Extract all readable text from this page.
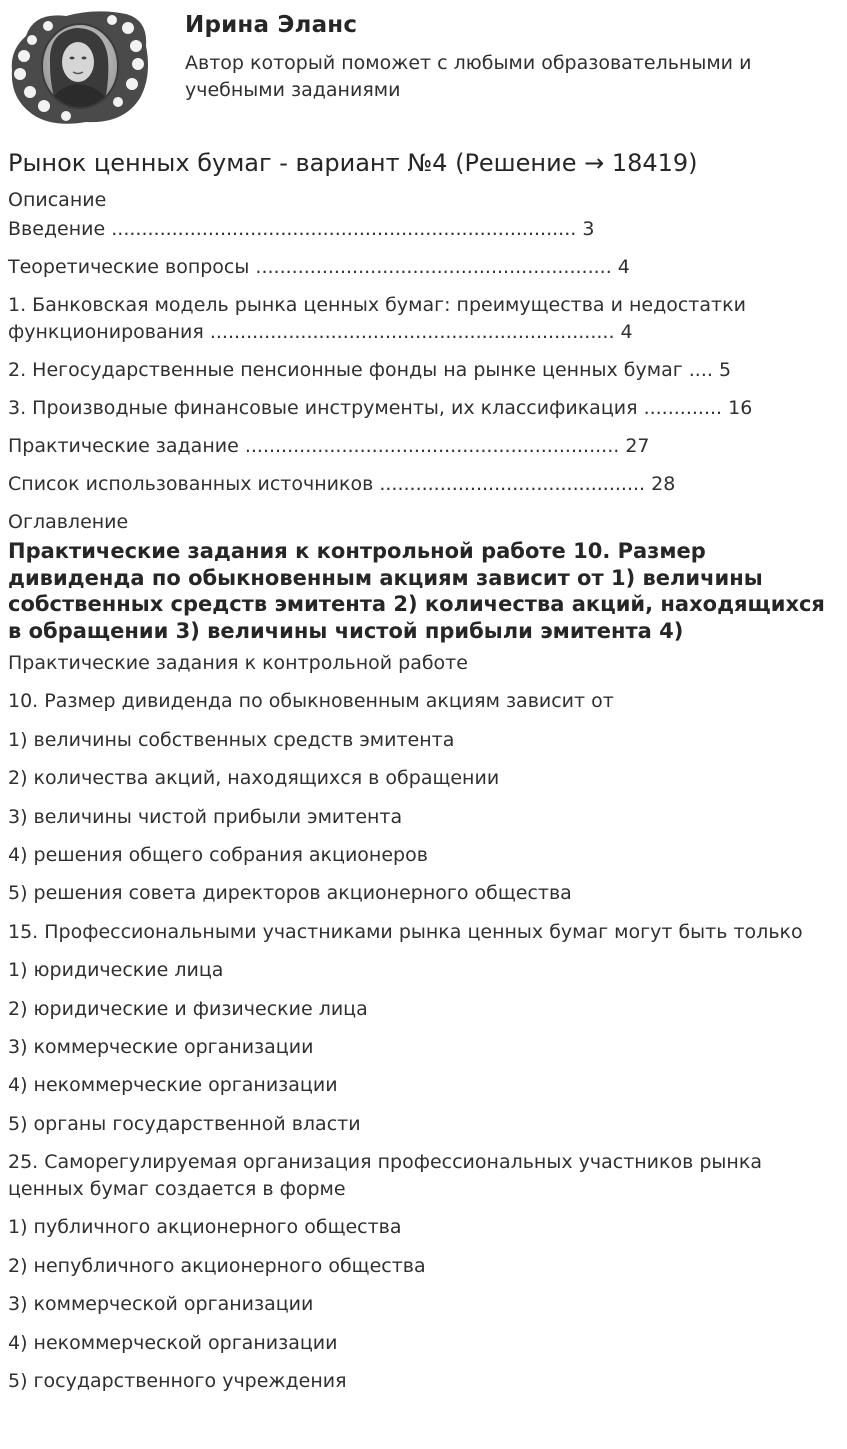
Ирина Эланс
Автор который поможет с любыми образовательными и учебными заданиями
Рынок ценных бумаг - вариант №4 (Решение → 18419)
Описание
Введение ............................................................................. 3
Теоретические вопросы ........................................................... 4
1. Банковская модель рынка ценных бумаг: преимущества и недостатки функционирования ................................................................... 4
2. Негосударственные пенсионные фонды на рынке ценных бумаг .... 5
3. Производные финансовые инструменты, их классификация ............. 16
Практические задание .............................................................. 27
Список использованных источников ............................................ 28
Оглавление
Практические задания к контрольной работе 10. Размер дивиденда по обыкновенным акциям зависит от 1) величины собственных средств эмитента 2) количества акций, находящихся в обращении 3) величины чистой прибыли эмитента 4)

Практические задания к контрольной работе

10. Размер дивиденда по обыкновенным акциям зависит от

1) величины собственных средств эмитента

2) количества акций, находящихся в обращении

3) величины чистой прибыли эмитента

4) решения общего собрания акционеров

5) решения совета директоров акционерного общества

15. Профессиональными участниками рынка ценных бумаг могут быть только

1) юридические лица

2) юридические и физические лица

3) коммерческие организации

4) некоммерческие организации

5) органы государственной власти

25. Саморегулируемая организация профессиональных участников рынка ценных бумаг создается в форме

1) публичного акционерного общества

2) непубличного акционерного общества

3) коммерческой организации

4) некоммерческой организации

5) государственного учреждения
